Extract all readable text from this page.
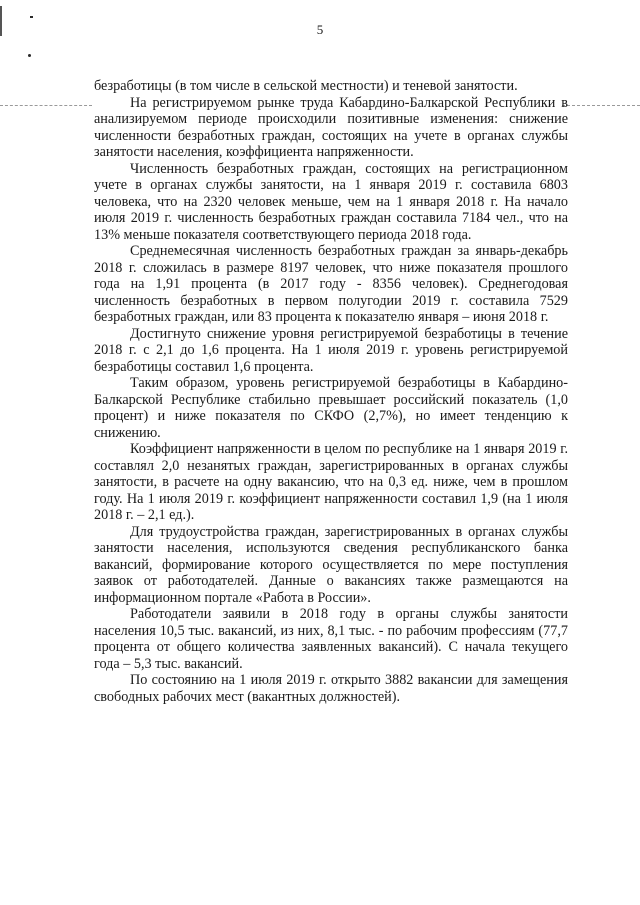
5

безработицы (в том числе в сельской местности) и теневой занятости.

На регистрируемом рынке труда Кабардино-Балкарской Республики в анализируемом периоде происходили позитивные изменения: снижение численности безработных граждан, состоящих на учете в органах службы занятости населения, коэффициента напряженности.

Численность безработных граждан, состоящих на регистрационном учете в органах службы занятости, на 1 января 2019 г. составила 6803 человека, что на 2320 человек меньше, чем на 1 января 2018 г. На начало июля 2019 г. численность безработных граждан составила 7184 чел., что на 13% меньше показателя соответствующего периода 2018 года.

Среднемесячная численность безработных граждан за январь-декабрь 2018 г. сложилась в размере 8197 человек, что ниже показателя прошлого года на 1,91 процента (в 2017 году - 8356 человек). Среднегодовая численность безработных в первом полугодии 2019 г. составила 7529 безработных граждан, или 83 процента к показателю января – июня 2018 г.

Достигнуто снижение уровня регистрируемой безработицы в течение 2018 г. с 2,1 до 1,6 процента. На 1 июля 2019 г. уровень регистрируемой безработицы составил 1,6 процента.

Таким образом, уровень регистрируемой безработицы в Кабардино-Балкарской Республике стабильно превышает российский показатель (1,0 процент) и ниже показателя по СКФО (2,7%), но имеет тенденцию к снижению.

Коэффициент напряженности в целом по республике на 1 января 2019 г. составлял 2,0 незанятых граждан, зарегистрированных в органах службы занятости, в расчете на одну вакансию, что на 0,3 ед. ниже, чем в прошлом году. На 1 июля 2019 г. коэффициент напряженности составил 1,9 (на 1 июля 2018 г. – 2,1 ед.).

Для трудоустройства граждан, зарегистрированных в органах службы занятости населения, используются сведения республиканского банка вакансий, формирование которого осуществляется по мере поступления заявок от работодателей. Данные о вакансиях также размещаются на информационном портале «Работа в России».

Работодатели заявили в 2018 году в органы службы занятости населения 10,5 тыс. вакансий, из них, 8,1 тыс. - по рабочим профессиям (77,7 процента от общего количества заявленных вакансий). С начала текущего года – 5,3 тыс. вакансий.

По состоянию на 1 июля 2019 г. открыто 3882 вакансии для замещения свободных рабочих мест (вакантных должностей).
